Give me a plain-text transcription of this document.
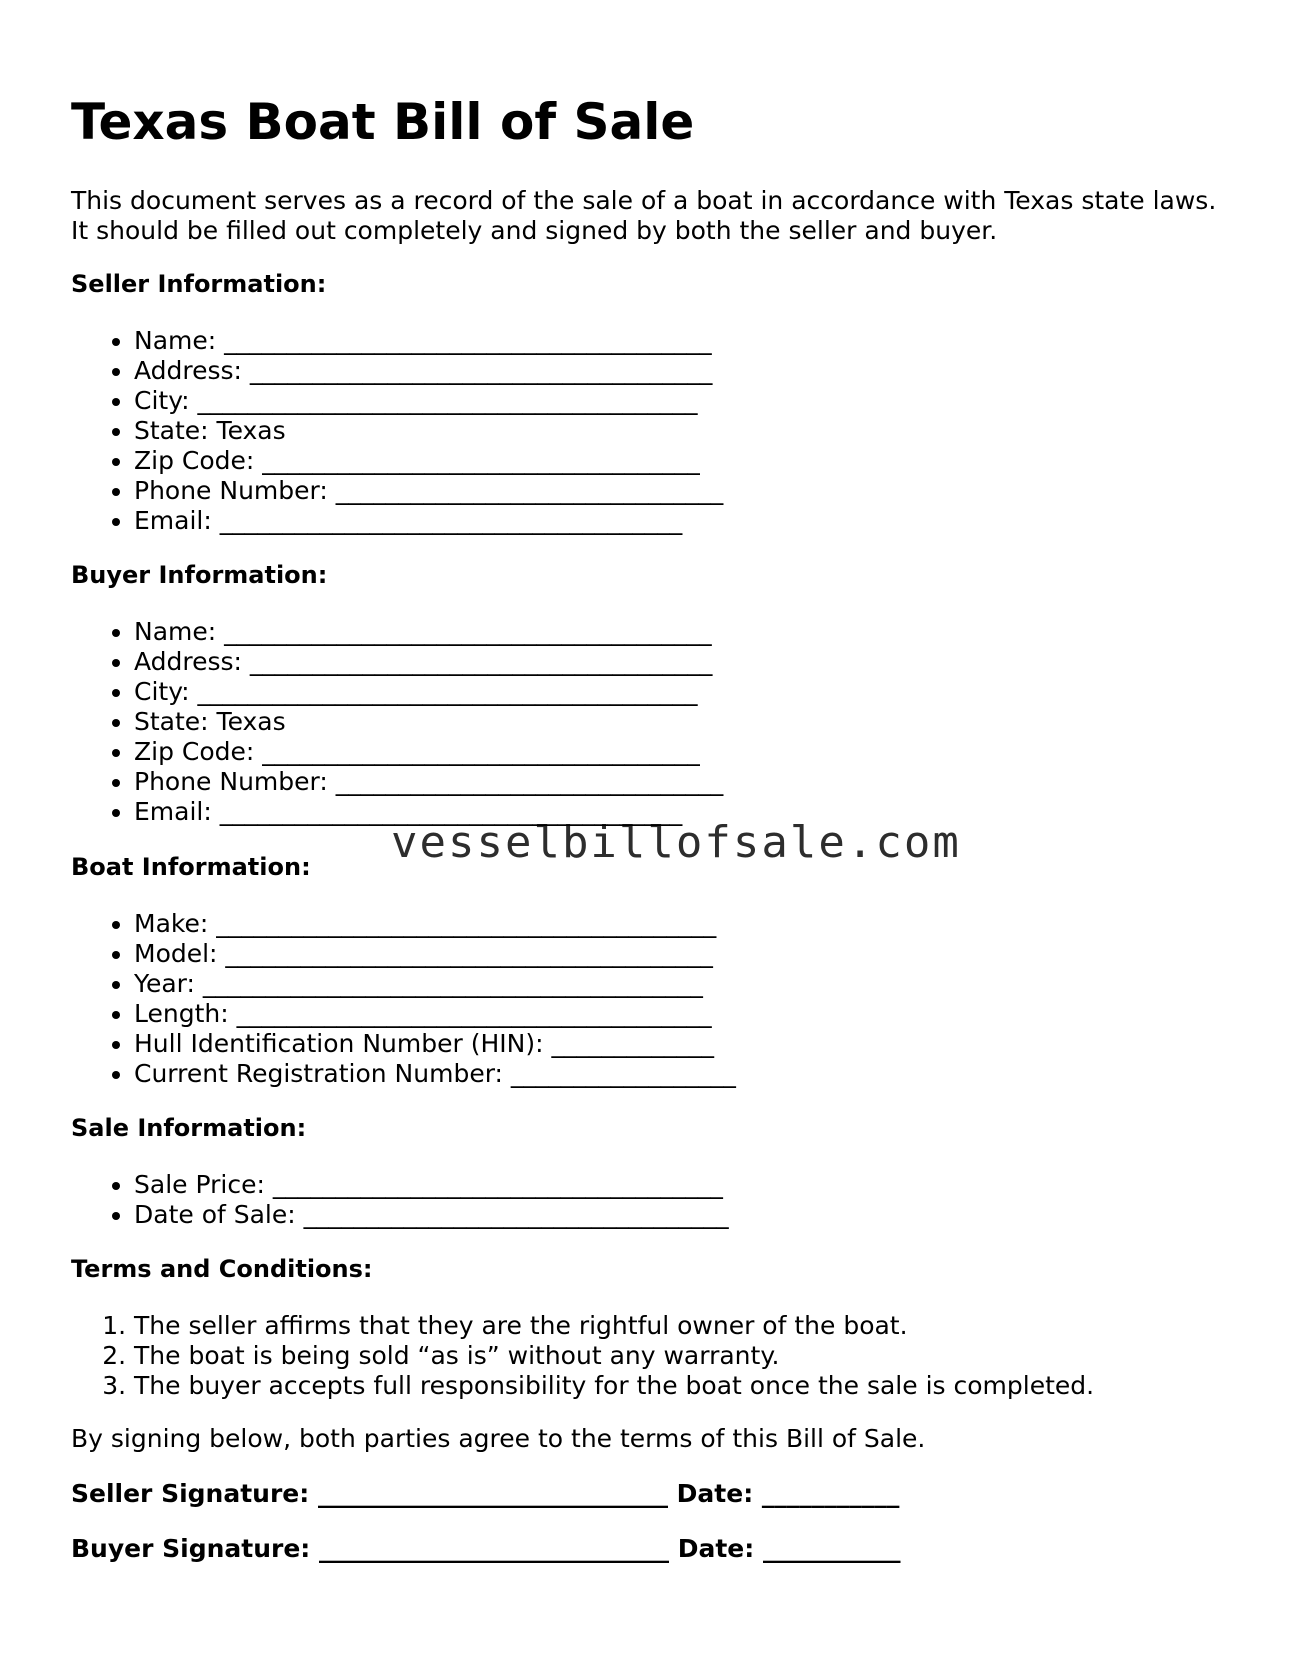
Texas Boat Bill of Sale

This document serves as a record of the sale of a boat in accordance with Texas state laws. It should be filled out completely and signed by both the seller and buyer.

Seller Information:

• Name: _______________________________________
• Address: _____________________________________
• City: ________________________________________
• State: Texas
• Zip Code: ___________________________________
• Phone Number: _______________________________
• Email: _____________________________________

Buyer Information:

• Name: _______________________________________
• Address: _____________________________________
• City: ________________________________________
• State: Texas
• Zip Code: ___________________________________
• Phone Number: _______________________________
• Email: _____________________________________

Boat Information:

• Make: ________________________________________
• Model: _______________________________________
• Year: ________________________________________
• Length: ______________________________________
• Hull Identification Number (HIN): _____________
• Current Registration Number: __________________

Sale Information:

• Sale Price: ____________________________________
• Date of Sale: __________________________________

Terms and Conditions:

1. The seller affirms that they are the rightful owner of the boat.
2. The boat is being sold “as is” without any warranty.
3. The buyer accepts full responsibility for the boat once the sale is completed.

By signing below, both parties agree to the terms of this Bill of Sale.

Seller Signature: ____________________________ Date: ___________

Buyer Signature: ____________________________ Date: ___________

vesselbillofsale.com
